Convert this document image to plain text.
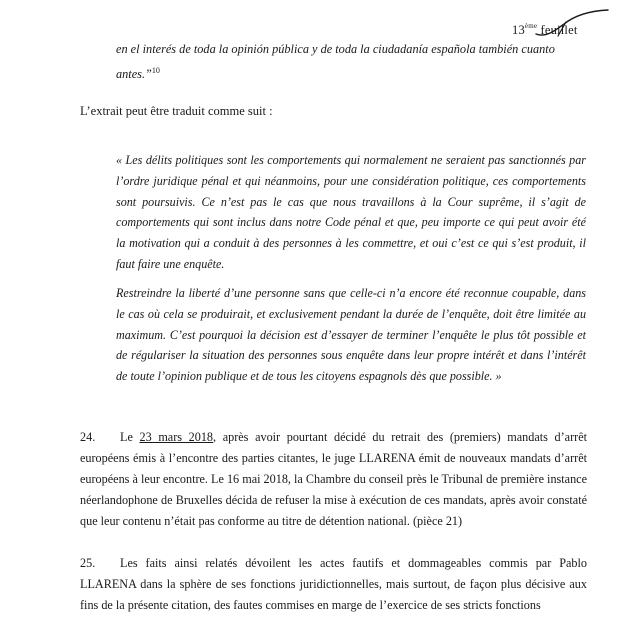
13ème feuillet
en el interés de toda la opinión pública y de toda la ciudadanía española también cuanto
antes.”$^{10}$
L’extrait peut être traduit comme suit :
« Les délits politiques sont les comportements qui normalement ne seraient pas sanctionnés par l’ordre juridique pénal et qui néanmoins, pour une considération politique, ces comportements sont poursuivis. Ce n’est pas le cas que nous travaillons à la Cour suprême, il s’agit de comportements qui sont inclus dans notre Code pénal et que, peu importe ce qui peut avoir été la motivation qui a conduit à des personnes à les commettre, et oui c’est ce qui s’est produit, il faut faire une enquête.
Restreindre la liberté d’une personne sans que celle-ci n’a encore été reconnue coupable, dans le cas où cela se produirait, et exclusivement pendant la durée de l’enquête, doit être limitée au maximum. C’est pourquoi la décision est d’essayer de terminer l’enquête le plus tôt possible et de régulariser la situation des personnes sous enquête dans leur propre intérêt et dans l’intérêt de toute l’opinion publique et de tous les citoyens espagnols dès que possible. »
24. Le 23 mars 2018, après avoir pourtant décidé du retrait des (premiers) mandats d’arrêt européens émis à l’encontre des parties citantes, le juge LLARENA émit de nouveaux mandats d’arrêt européens à leur encontre. Le 16 mai 2018, la Chambre du conseil près le Tribunal de première instance néerlandophone de Bruxelles décida de refuser la mise à exécution de ces mandats, après avoir constaté que leur contenu n’était pas conforme au titre de détention national. (pièce 21)
25. Les faits ainsi relatés dévoilent les actes fautifs et dommageables commis par Pablo LLARENA dans la sphère de ses fonctions juridictionnelles, mais surtout, de façon plus décisive aux fins de la présente citation, des fautes commises en marge de l’exercice de ses stricts fonctions
